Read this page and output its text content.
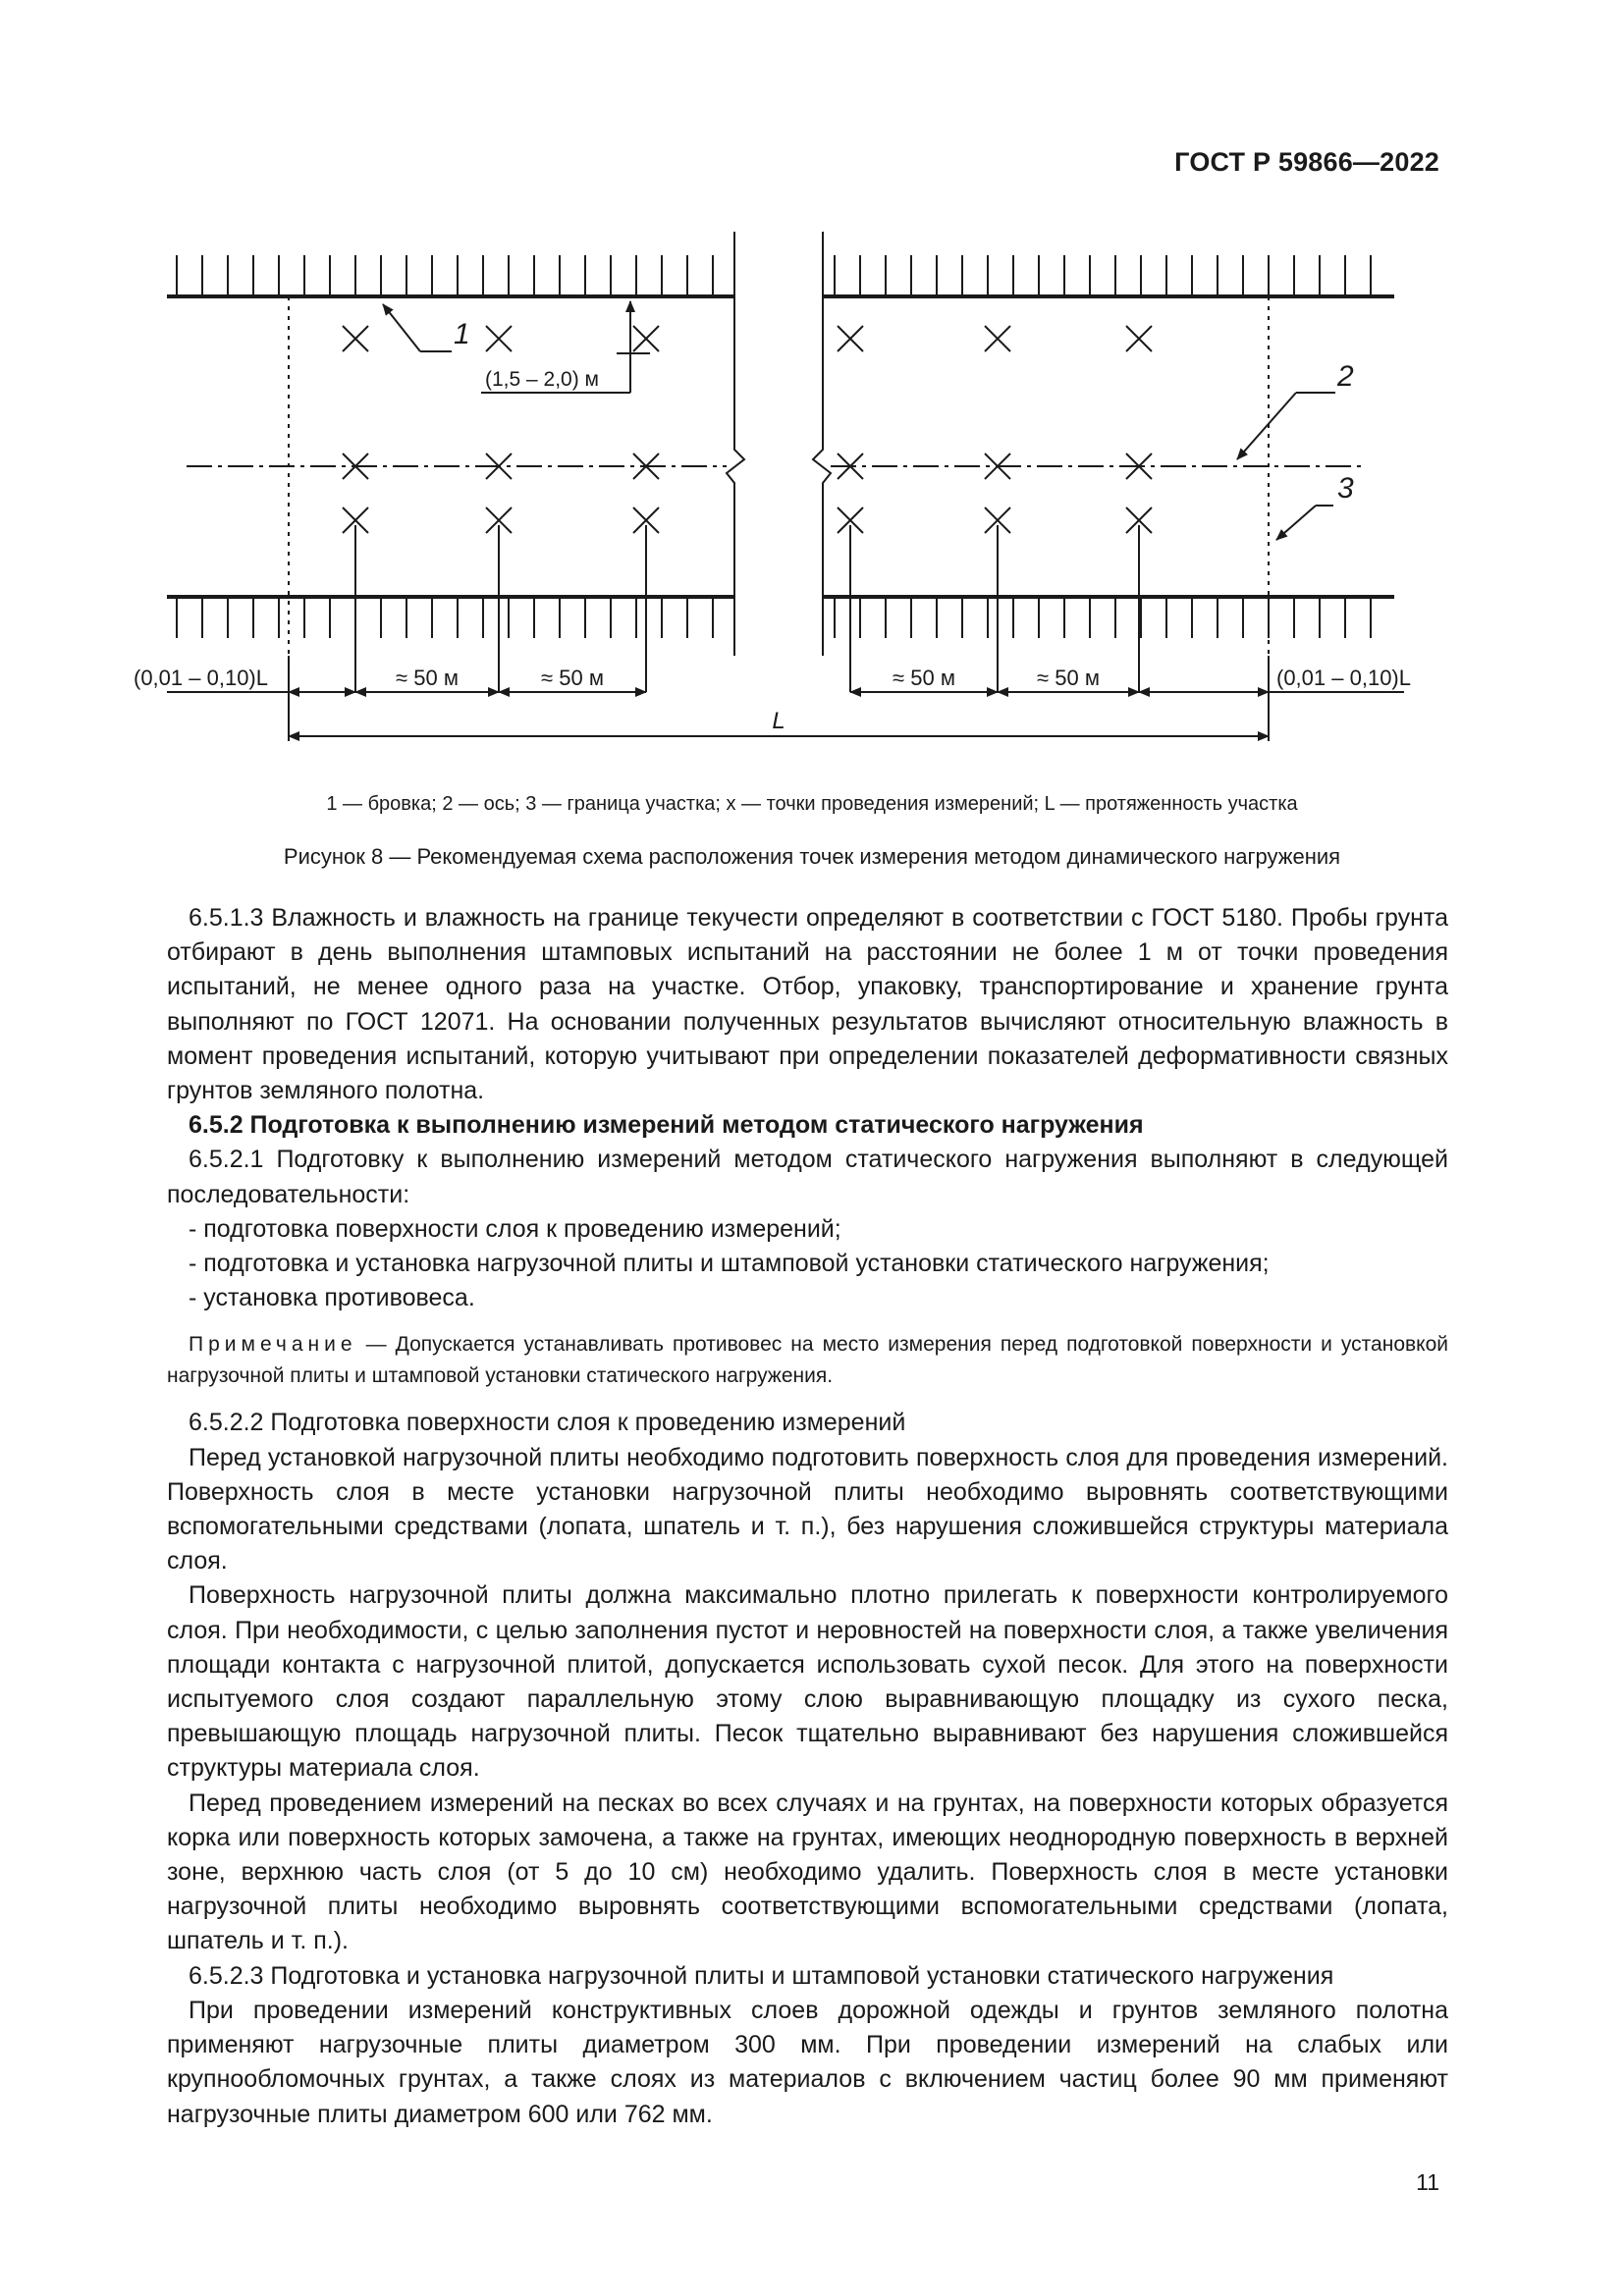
ГОСТ Р 59866—2022
1
2
3
(1,5 – 2,0) м
(0,01 – 0,10)L	(0,01 – 0,10)L
≈ 50 м	≈ 50 м	≈ 50 м	≈ 50 м
L
1 — бровка; 2 — ось; 3 — граница участка; x — точки проведения измерений; L — протяженность участка
Рисунок 8 — Рекомендуемая схема расположения точек измерения методом динамического нагружения

6.5.1.3 Влажность и влажность на границе текучести определяют в соответствии с ГОСТ 5180. Пробы грунта отбирают в день выполнения штамповых испытаний на расстоянии не более 1 м от точки проведения испытаний, не менее одного раза на участке. Отбор, упаковку, транспортирование и хранение грунта выполняют по ГОСТ 12071. На основании полученных результатов вычисляют относительную влажность в момент проведения испытаний, которую учитывают при определении показателей деформативности связных грунтов земляного полотна.

6.5.2 Подготовка к выполнению измерений методом статического нагружения

6.5.2.1 Подготовку к выполнению измерений методом статического нагружения выполняют в следующей последовательности:

- подготовка поверхности слоя к проведению измерений;

- подготовка и установка нагрузочной плиты и штамповой установки статического нагружения;

- установка противовеса.

Примечание — Допускается устанавливать противовес на место измерения перед подготовкой поверхности и установкой нагрузочной плиты и штамповой установки статического нагружения.

6.5.2.2 Подготовка поверхности слоя к проведению измерений

Перед установкой нагрузочной плиты необходимо подготовить поверхность слоя для проведения измерений. Поверхность слоя в месте установки нагрузочной плиты необходимо выровнять соответствующими вспомогательными средствами (лопата, шпатель и т. п.), без нарушения сложившейся структуры материала слоя.

Поверхность нагрузочной плиты должна максимально плотно прилегать к поверхности контролируемого слоя. При необходимости, с целью заполнения пустот и неровностей на поверхности слоя, а также увеличения площади контакта с нагрузочной плитой, допускается использовать сухой песок. Для этого на поверхности испытуемого слоя создают параллельную этому слою выравнивающую площадку из сухого песка, превышающую площадь нагрузочной плиты. Песок тщательно выравнивают без нарушения сложившейся структуры материала слоя.

Перед проведением измерений на песках во всех случаях и на грунтах, на поверхности которых образуется корка или поверхность которых замочена, а также на грунтах, имеющих неоднородную поверхность в верхней зоне, верхнюю часть слоя (от 5 до 10 см) необходимо удалить. Поверхность слоя в месте установки нагрузочной плиты необходимо выровнять соответствующими вспомогательными средствами (лопата, шпатель и т. п.).

6.5.2.3 Подготовка и установка нагрузочной плиты и штамповой установки статического нагружения

При проведении измерений конструктивных слоев дорожной одежды и грунтов земляного полотна применяют нагрузочные плиты диаметром 300 мм. При проведении измерений на слабых или крупнообломочных грунтах, а также слоях из материалов с включением частиц более 90 мм применяют нагрузочные плиты диаметром 600 или 762 мм.

11
